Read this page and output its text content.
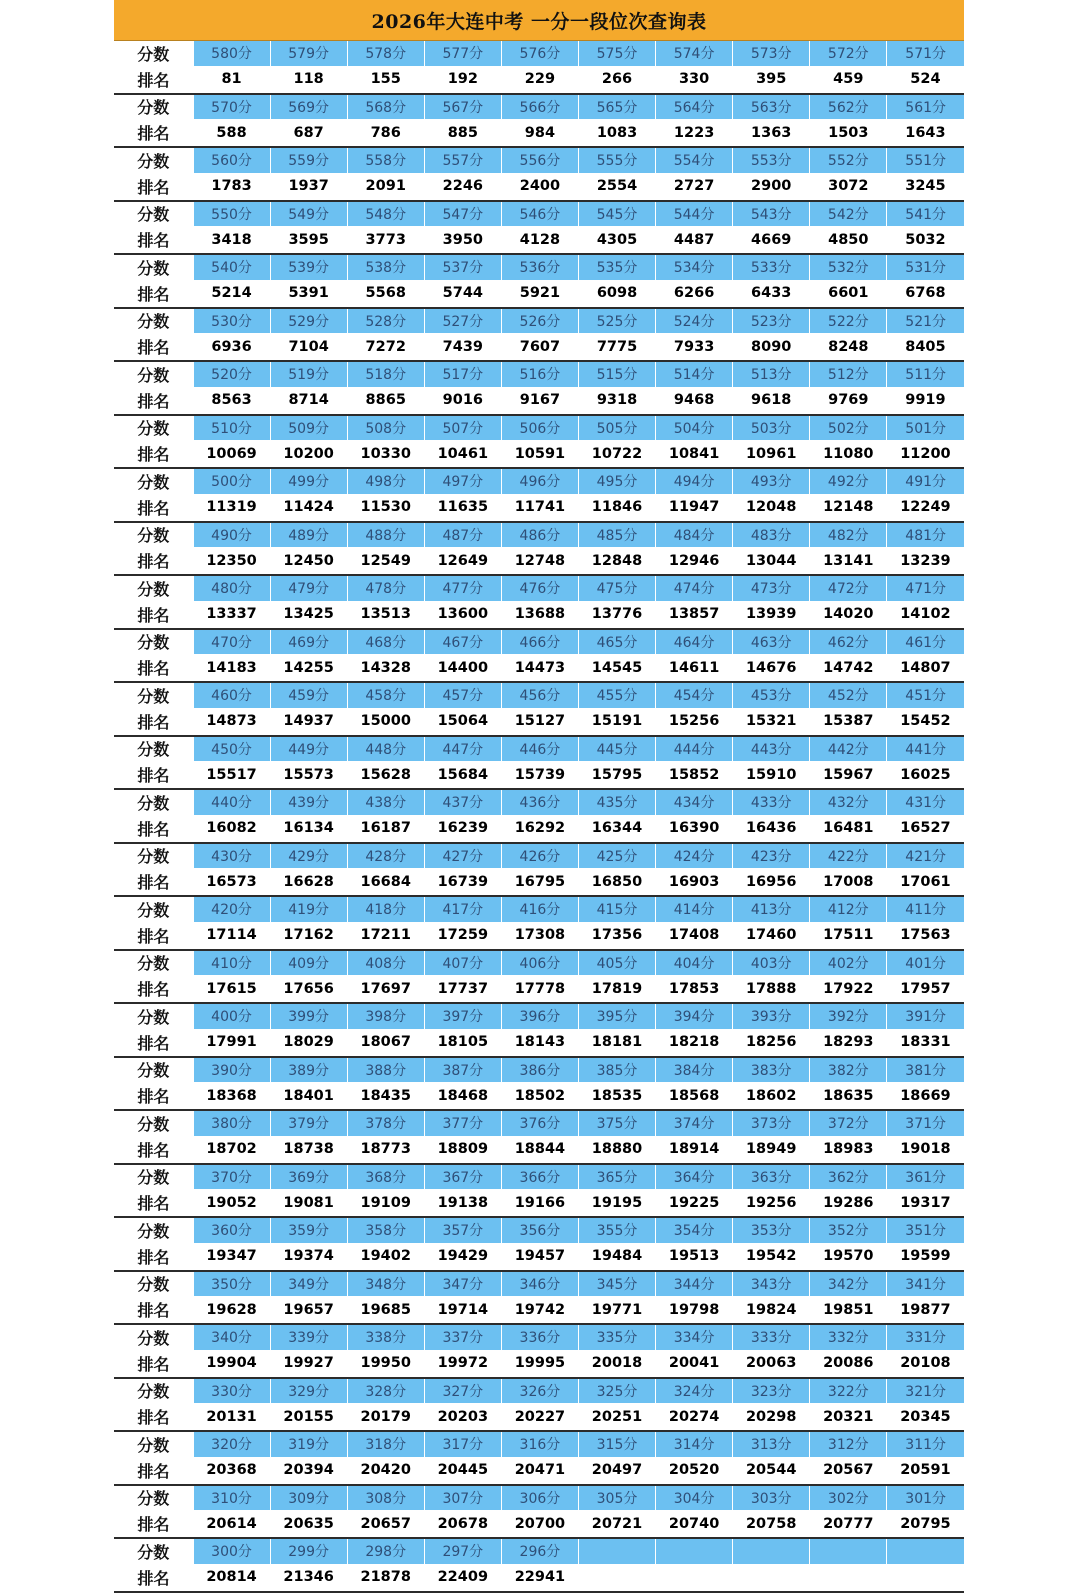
2026年大连中考 一分一段位次查询表
分数	580分	579分	578分	577分	576分	575分	574分	573分	572分	571分
排名	81	118	155	192	229	266	330	395	459	524
分数	570分	569分	568分	567分	566分	565分	564分	563分	562分	561分
排名	588	687	786	885	984	1083	1223	1363	1503	1643
分数	560分	559分	558分	557分	556分	555分	554分	553分	552分	551分
排名	1783	1937	2091	2246	2400	2554	2727	2900	3072	3245
分数	550分	549分	548分	547分	546分	545分	544分	543分	542分	541分
排名	3418	3595	3773	3950	4128	4305	4487	4669	4850	5032
分数	540分	539分	538分	537分	536分	535分	534分	533分	532分	531分
排名	5214	5391	5568	5744	5921	6098	6266	6433	6601	6768
分数	530分	529分	528分	527分	526分	525分	524分	523分	522分	521分
排名	6936	7104	7272	7439	7607	7775	7933	8090	8248	8405
分数	520分	519分	518分	517分	516分	515分	514分	513分	512分	511分
排名	8563	8714	8865	9016	9167	9318	9468	9618	9769	9919
分数	510分	509分	508分	507分	506分	505分	504分	503分	502分	501分
排名	10069	10200	10330	10461	10591	10722	10841	10961	11080	11200
分数	500分	499分	498分	497分	496分	495分	494分	493分	492分	491分
排名	11319	11424	11530	11635	11741	11846	11947	12048	12148	12249
分数	490分	489分	488分	487分	486分	485分	484分	483分	482分	481分
排名	12350	12450	12549	12649	12748	12848	12946	13044	13141	13239
分数	480分	479分	478分	477分	476分	475分	474分	473分	472分	471分
排名	13337	13425	13513	13600	13688	13776	13857	13939	14020	14102
分数	470分	469分	468分	467分	466分	465分	464分	463分	462分	461分
排名	14183	14255	14328	14400	14473	14545	14611	14676	14742	14807
分数	460分	459分	458分	457分	456分	455分	454分	453分	452分	451分
排名	14873	14937	15000	15064	15127	15191	15256	15321	15387	15452
分数	450分	449分	448分	447分	446分	445分	444分	443分	442分	441分
排名	15517	15573	15628	15684	15739	15795	15852	15910	15967	16025
分数	440分	439分	438分	437分	436分	435分	434分	433分	432分	431分
排名	16082	16134	16187	16239	16292	16344	16390	16436	16481	16527
分数	430分	429分	428分	427分	426分	425分	424分	423分	422分	421分
排名	16573	16628	16684	16739	16795	16850	16903	16956	17008	17061
分数	420分	419分	418分	417分	416分	415分	414分	413分	412分	411分
排名	17114	17162	17211	17259	17308	17356	17408	17460	17511	17563
分数	410分	409分	408分	407分	406分	405分	404分	403分	402分	401分
排名	17615	17656	17697	17737	17778	17819	17853	17888	17922	17957
分数	400分	399分	398分	397分	396分	395分	394分	393分	392分	391分
排名	17991	18029	18067	18105	18143	18181	18218	18256	18293	18331
分数	390分	389分	388分	387分	386分	385分	384分	383分	382分	381分
排名	18368	18401	18435	18468	18502	18535	18568	18602	18635	18669
分数	380分	379分	378分	377分	376分	375分	374分	373分	372分	371分
排名	18702	18738	18773	18809	18844	18880	18914	18949	18983	19018
分数	370分	369分	368分	367分	366分	365分	364分	363分	362分	361分
排名	19052	19081	19109	19138	19166	19195	19225	19256	19286	19317
分数	360分	359分	358分	357分	356分	355分	354分	353分	352分	351分
排名	19347	19374	19402	19429	19457	19484	19513	19542	19570	19599
分数	350分	349分	348分	347分	346分	345分	344分	343分	342分	341分
排名	19628	19657	19685	19714	19742	19771	19798	19824	19851	19877
分数	340分	339分	338分	337分	336分	335分	334分	333分	332分	331分
排名	19904	19927	19950	19972	19995	20018	20041	20063	20086	20108
分数	330分	329分	328分	327分	326分	325分	324分	323分	322分	321分
排名	20131	20155	20179	20203	20227	20251	20274	20298	20321	20345
分数	320分	319分	318分	317分	316分	315分	314分	313分	312分	311分
排名	20368	20394	20420	20445	20471	20497	20520	20544	20567	20591
分数	310分	309分	308分	307分	306分	305分	304分	303分	302分	301分
排名	20614	20635	20657	20678	20700	20721	20740	20758	20777	20795
分数	300分	299分	298分	297分	296分					
排名	20814	21346	21878	22409	22941					
